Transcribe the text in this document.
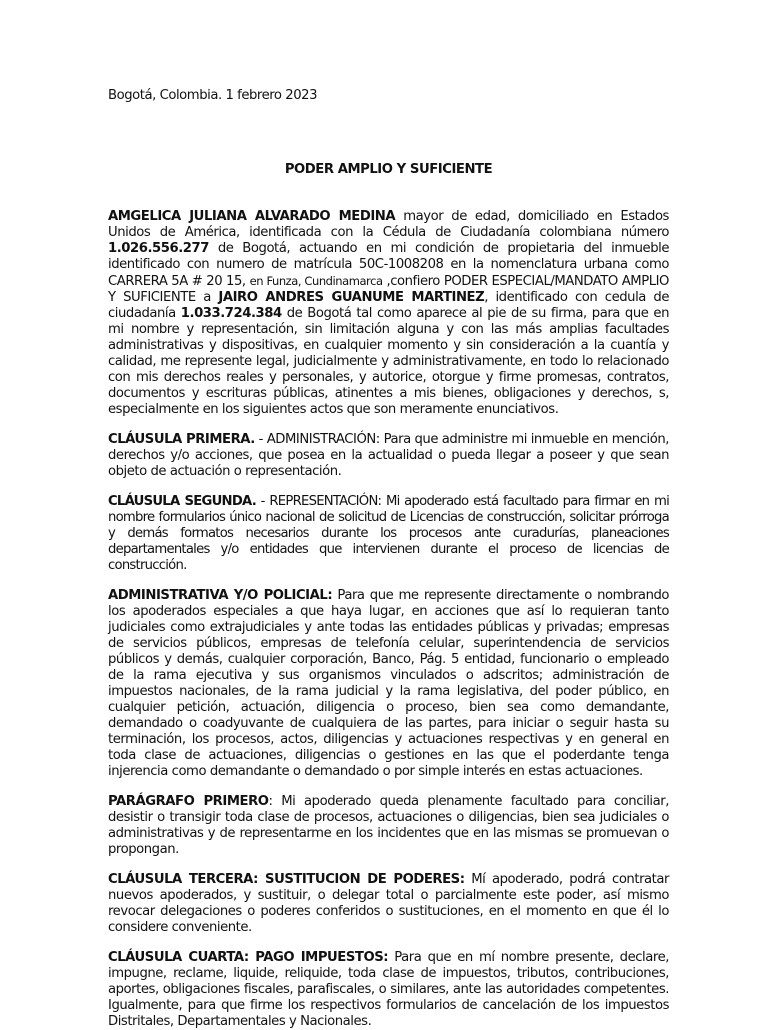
Bogotá, Colombia. 1 febrero 2023
PODER AMPLIO Y SUFICIENTE

AMGELICA JULIANA ALVARADO MEDINA mayor de edad, domiciliado en Estados Unidos de América, identificada con la Cédula de Ciudadanía colombiana número 1.026.556.277 de Bogotá, actuando en mi condición de propietaria del inmueble identificado con numero de matrícula 50C-1008208 en la nomenclatura urbana como CARRERA 5A # 20 15, en Funza, Cundinamarca ,confiero PODER ESPECIAL/MANDATO AMPLIO Y SUFICIENTE a JAIRO ANDRES GUANUME MARTINEZ, identificado con cedula de ciudadanía 1.033.724.384 de Bogotá tal como aparece al pie de su firma, para que en mi nombre y representación, sin limitación alguna y con las más amplias facultades administrativas y dispositivas, en cualquier momento y sin consideración a la cuantía y calidad, me represente legal, judicialmente y administrativamente, en todo lo relacionado con mis derechos reales y personales, y autorice, otorgue y firme promesas, contratos, documentos y escrituras públicas, atinentes a mis bienes, obligaciones y derechos, s, especialmente en los siguientes actos que son meramente enunciativos.

CLÁUSULA PRIMERA. - ADMINISTRACIÓN: Para que administre mi inmueble en mención, derechos y/o acciones, que posea en la actualidad o pueda llegar a poseer y que sean objeto de actuación o representación.

CLÁUSULA SEGUNDA. - REPRESENTACIÓN: Mi apoderado está facultado para firmar en mi nombre formularios único nacional de solicitud de Licencias de construcción, solicitar prórroga y demás formatos necesarios durante los procesos ante curadurías, planeaciones departamentales y/o entidades que intervienen durante el proceso de licencias de construcción.

ADMINISTRATIVA Y/O POLICIAL: Para que me represente directamente o nombrando los apoderados especiales a que haya lugar, en acciones que así lo requieran tanto judiciales como extrajudiciales y ante todas las entidades públicas y privadas; empresas de servicios públicos, empresas de telefonía celular, superintendencia de servicios públicos y demás, cualquier corporación, Banco, Pág. 5 entidad, funcionario o empleado de la rama ejecutiva y sus organismos vinculados o adscritos; administración de impuestos nacionales, de la rama judicial y la rama legislativa, del poder público, en cualquier petición, actuación, diligencia o proceso, bien sea como demandante, demandado o coadyuvante de cualquiera de las partes, para iniciar o seguir hasta su terminación, los procesos, actos, diligencias y actuaciones respectivas y en general en toda clase de actuaciones, diligencias o gestiones en las que el poderdante tenga injerencia como demandante o demandado o por simple interés en estas actuaciones.

PARÁGRAFO PRIMERO: Mi apoderado queda plenamente facultado para conciliar, desistir o transigir toda clase de procesos, actuaciones o diligencias, bien sea judiciales o administrativas y de representarme en los incidentes que en las mismas se promuevan o propongan.

CLÁUSULA TERCERA: SUSTITUCION DE PODERES: Mí apoderado, podrá contratar nuevos apoderados, y sustituir, o delegar total o parcialmente este poder, así mismo revocar delegaciones o poderes conferidos o sustituciones, en el momento en que él lo considere conveniente.

CLÁUSULA CUARTA: PAGO IMPUESTOS: Para que en mí nombre presente, declare, impugne, reclame, liquide, reliquide, toda clase de impuestos, tributos, contribuciones, aportes, obligaciones fiscales, parafiscales, o similares, ante las autoridades competentes. Igualmente, para que firme los respectivos formularios de cancelación de los impuestos Distritales, Departamentales y Nacionales.
